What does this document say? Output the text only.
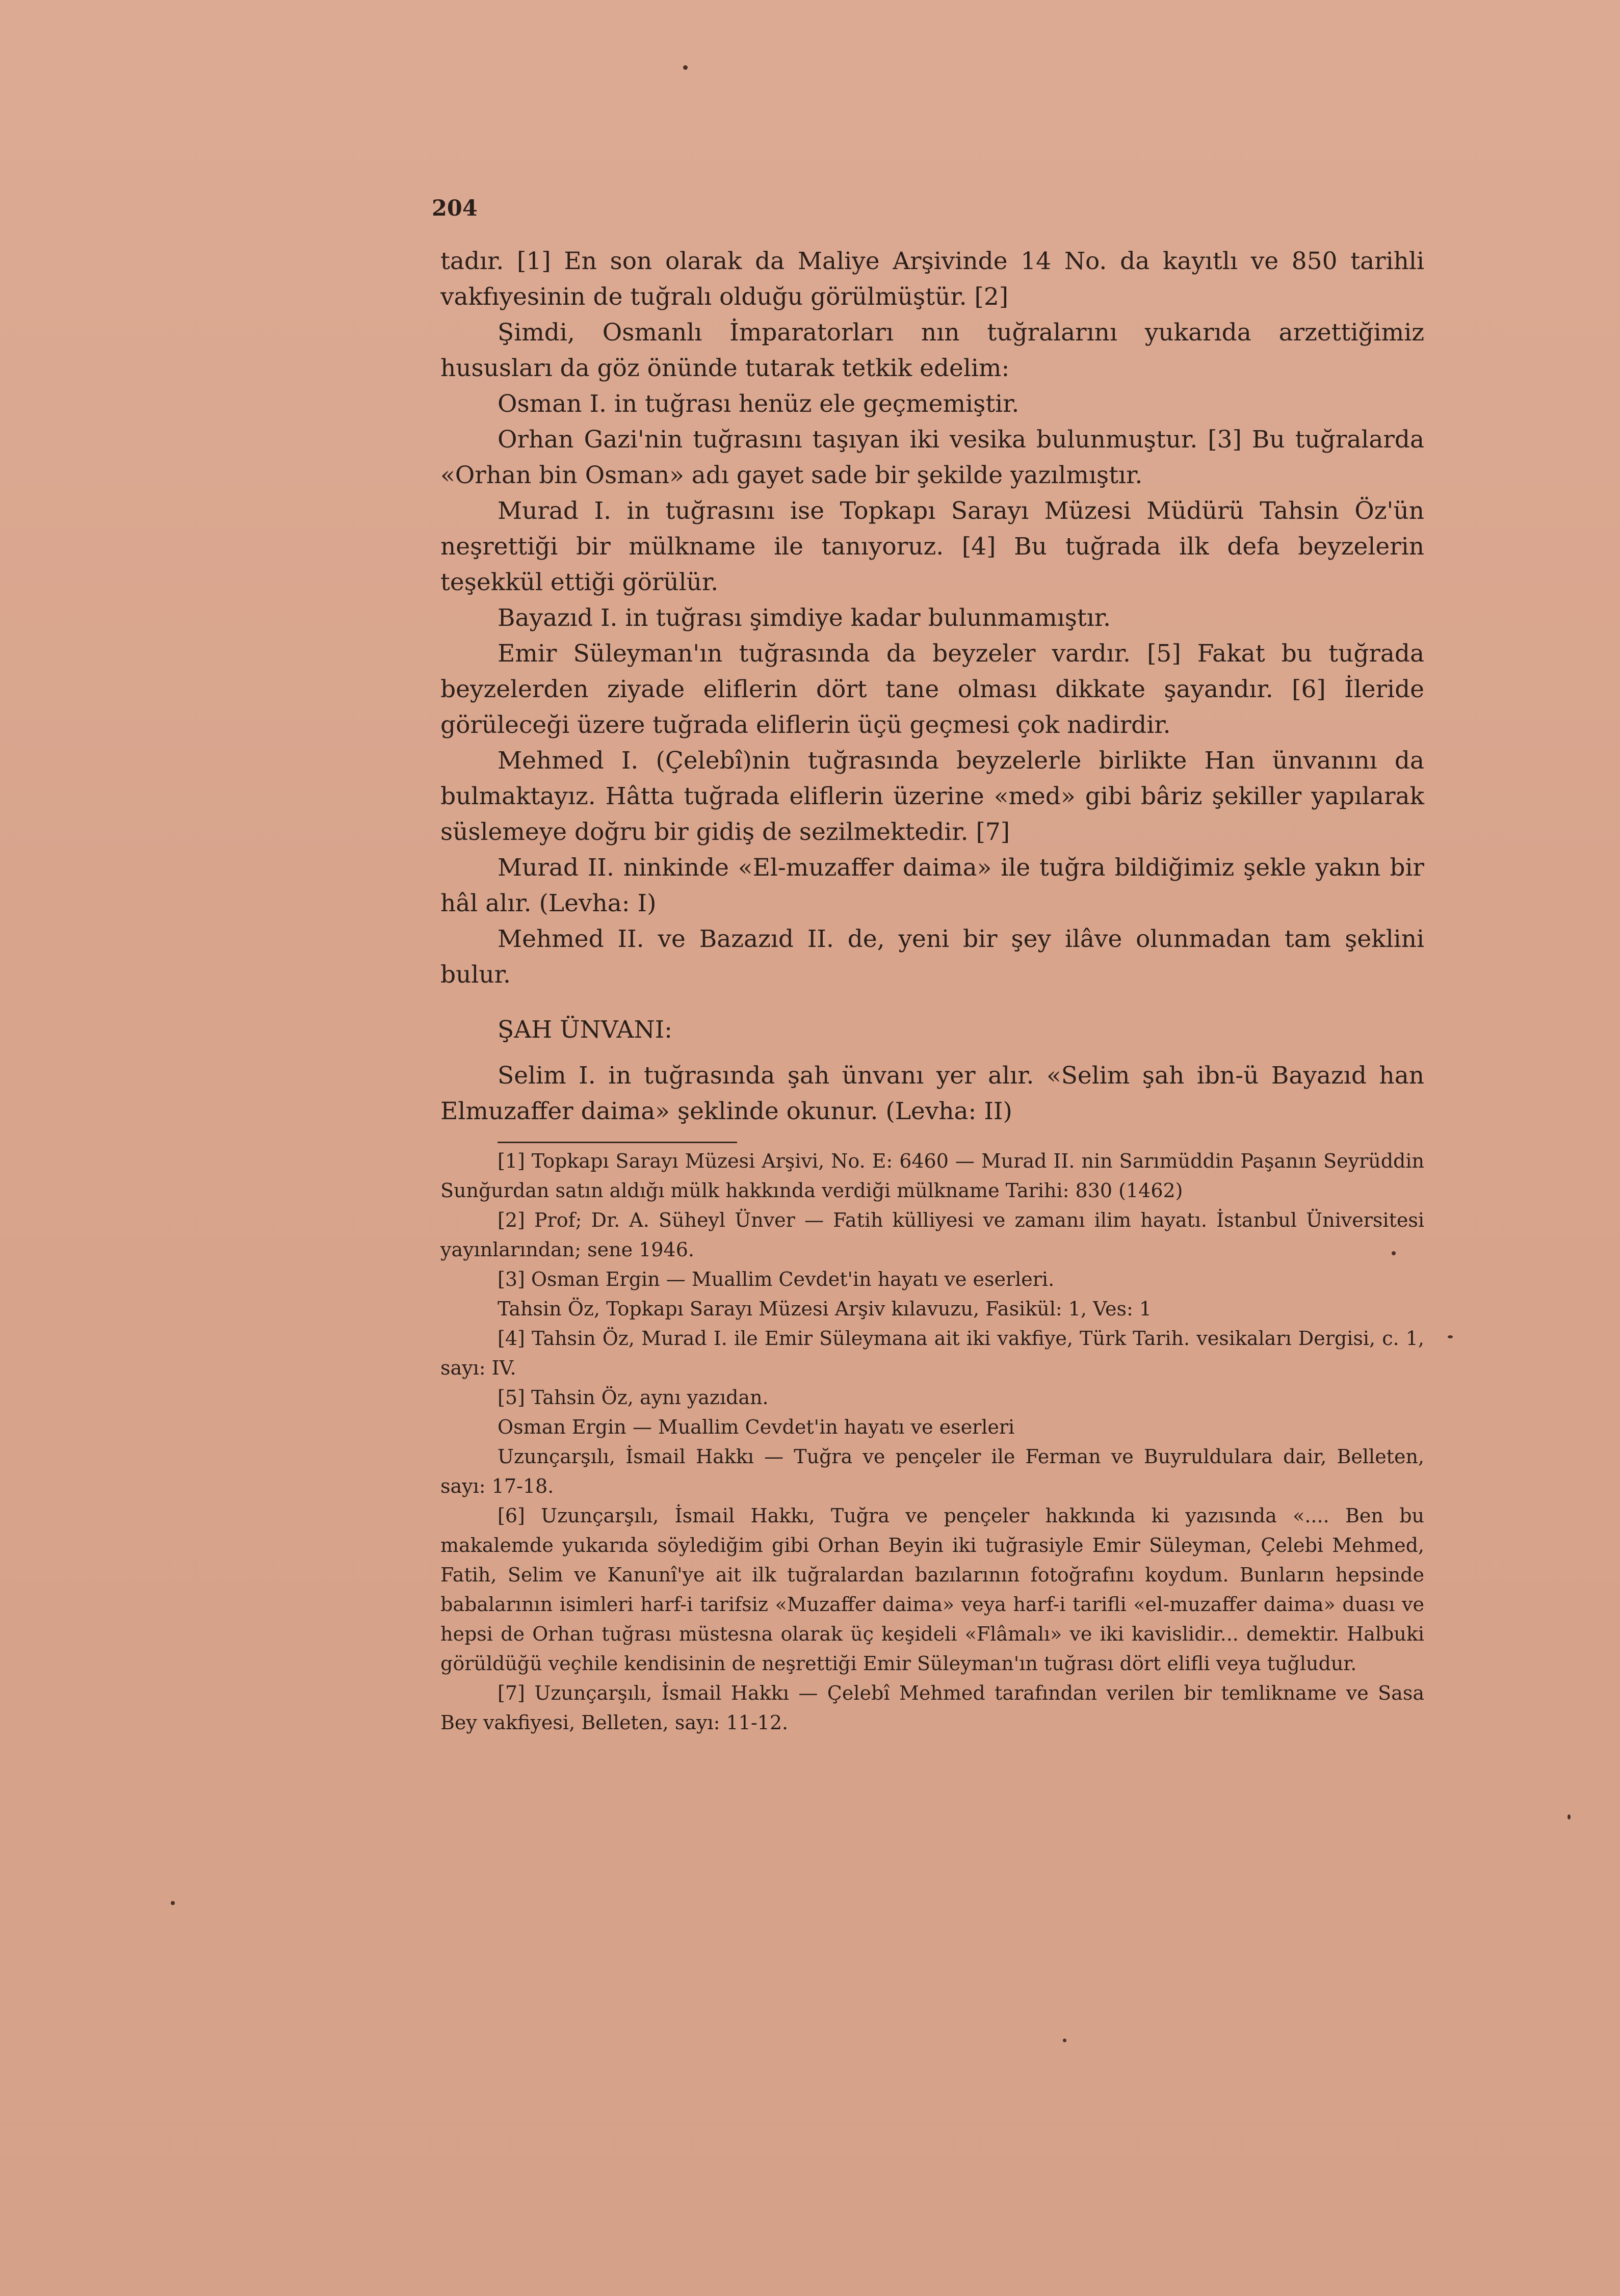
204

tadır. [1] En son olarak da Maliye Arşivinde 14 No. da kayıtlı ve 850 tarihli vakfıyesinin de tuğralı olduğu görülmüştür. [2]

Şimdi, Osmanlı İmparatorları nın tuğralarını yukarıda arzettiğimiz hususları da göz önünde tutarak tetkik edelim:

Osman I. in tuğrası henüz ele geçmemiştir.

Orhan Gazi'nin tuğrasını taşıyan iki vesika bulunmuştur. [3] Bu tuğralarda «Orhan bin Osman» adı gayet sade bir şekilde yazılmıştır.

Murad I. in tuğrasını ise Topkapı Sarayı Müzesi Müdürü Tahsin Öz'ün neşrettiği bir mülkname ile tanıyoruz. [4] Bu tuğrada ilk defa beyzelerin teşekkül ettiği görülür.

Bayazıd I. in tuğrası şimdiye kadar bulunmamıştır.

Emir Süleyman'ın tuğrasında da beyzeler vardır. [5] Fakat bu tuğrada beyzelerden ziyade eliflerin dört tane olması dikkate şayandır. [6] İleride görüleceği üzere tuğrada eliflerin üçü geçmesi çok nadirdir.

Mehmed I. (Çelebî)nin tuğrasında beyzelerle birlikte Han ünvanını da bulmaktayız. Hâtta tuğrada eliflerin üzerine «med» gibi bâriz şekiller yapılarak süslemeye doğru bir gidiş de sezilmektedir. [7]

Murad II. ninkinde «El-muzaffer daima» ile tuğra bildiğimiz şekle yakın bir hâl alır. (Levha: I)

Mehmed II. ve Bazazıd II. de, yeni bir şey ilâve olunmadan tam şeklini bulur.

ŞAH ÜNVANI:

Selim I. in tuğrasında şah ünvanı yer alır. «Selim şah ibn-ü Bayazıd han Elmuzaffer daima» şeklinde okunur. (Levha: II)

[1] Topkapı Sarayı Müzesi Arşivi, No. E: 6460 — Murad II. nin Sarımüddin Paşanın Seyrüddin Sunğurdan satın aldığı mülk hakkında verdiği mülkname Tarihi: 830 (1462)

[2] Prof; Dr. A. Süheyl Ünver — Fatih külliyesi ve zamanı ilim hayatı. İstanbul Üniversitesi yayınlarından; sene 1946.

[3] Osman Ergin — Muallim Cevdet'in hayatı ve eserleri.

Tahsin Öz, Topkapı Sarayı Müzesi Arşiv kılavuzu, Fasikül: 1, Ves: 1

[4] Tahsin Öz, Murad I. ile Emir Süleymana ait iki vakfiye, Türk Tarih. vesikaları Dergisi, c. 1, sayı: IV.

[5] Tahsin Öz, aynı yazıdan.

Osman Ergin — Muallim Cevdet'in hayatı ve eserleri

Uzunçarşılı, İsmail Hakkı — Tuğra ve pençeler ile Ferman ve Buyruldulara dair, Belleten, sayı: 17-18.

[6] Uzunçarşılı, İsmail Hakkı, Tuğra ve pençeler hakkında ki yazısında «.... Ben bu makalemde yukarıda söylediğim gibi Orhan Beyin iki tuğrasiyle Emir Süleyman, Çelebi Mehmed, Fatih, Selim ve Kanunî'ye ait ilk tuğralardan bazılarının fotoğrafını koydum. Bunların hepsinde babalarının isimleri harf-i tarifsiz «Muzaffer daima» veya harf-i tarifli «el-muzaffer daima» duası ve hepsi de Orhan tuğrası müstesna olarak üç keşideli «Flâmalı» ve iki kavislidir... demektir. Halbuki görüldüğü veçhile kendisinin de neşrettiği Emir Süleyman'ın tuğrası dört elifli veya tuğludur.

[7] Uzunçarşılı, İsmail Hakkı — Çelebî Mehmed tarafından verilen bir temlikname ve Sasa Bey vakfiyesi, Belleten, sayı: 11-12.
